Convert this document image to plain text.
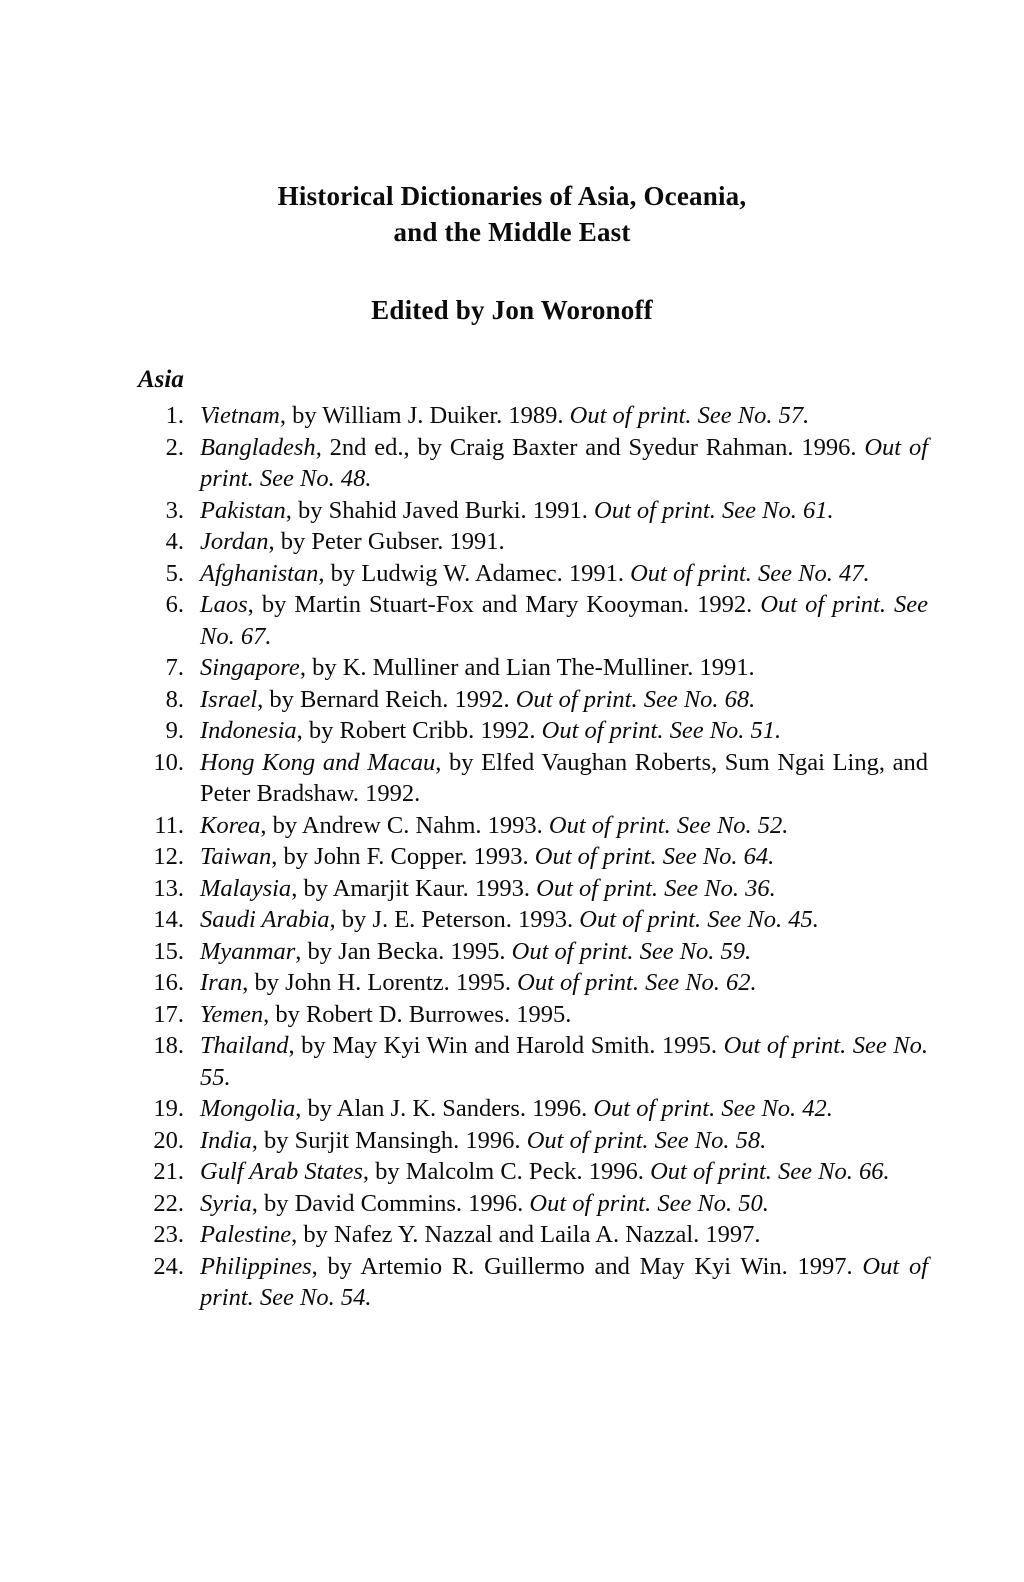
Historical Dictionaries of Asia, Oceania,
and the Middle East
Edited by Jon Woronoff
Asia
1. Vietnam, by William J. Duiker. 1989. Out of print. See No. 57.
2. Bangladesh, 2nd ed., by Craig Baxter and Syedur Rahman. 1996. Out of print. See No. 48.
3. Pakistan, by Shahid Javed Burki. 1991. Out of print. See No. 61.
4. Jordan, by Peter Gubser. 1991.
5. Afghanistan, by Ludwig W. Adamec. 1991. Out of print. See No. 47.
6. Laos, by Martin Stuart-Fox and Mary Kooyman. 1992. Out of print. See No. 67.
7. Singapore, by K. Mulliner and Lian The-Mulliner. 1991.
8. Israel, by Bernard Reich. 1992. Out of print. See No. 68.
9. Indonesia, by Robert Cribb. 1992. Out of print. See No. 51.
10. Hong Kong and Macau, by Elfed Vaughan Roberts, Sum Ngai Ling, and Peter Bradshaw. 1992.
11. Korea, by Andrew C. Nahm. 1993. Out of print. See No. 52.
12. Taiwan, by John F. Copper. 1993. Out of print. See No. 64.
13. Malaysia, by Amarjit Kaur. 1993. Out of print. See No. 36.
14. Saudi Arabia, by J. E. Peterson. 1993. Out of print. See No. 45.
15. Myanmar, by Jan Becka. 1995. Out of print. See No. 59.
16. Iran, by John H. Lorentz. 1995. Out of print. See No. 62.
17. Yemen, by Robert D. Burrowes. 1995.
18. Thailand, by May Kyi Win and Harold Smith. 1995. Out of print. See No. 55.
19. Mongolia, by Alan J. K. Sanders. 1996. Out of print. See No. 42.
20. India, by Surjit Mansingh. 1996. Out of print. See No. 58.
21. Gulf Arab States, by Malcolm C. Peck. 1996. Out of print. See No. 66.
22. Syria, by David Commins. 1996. Out of print. See No. 50.
23. Palestine, by Nafez Y. Nazzal and Laila A. Nazzal. 1997.
24. Philippines, by Artemio R. Guillermo and May Kyi Win. 1997. Out of print. See No. 54.
